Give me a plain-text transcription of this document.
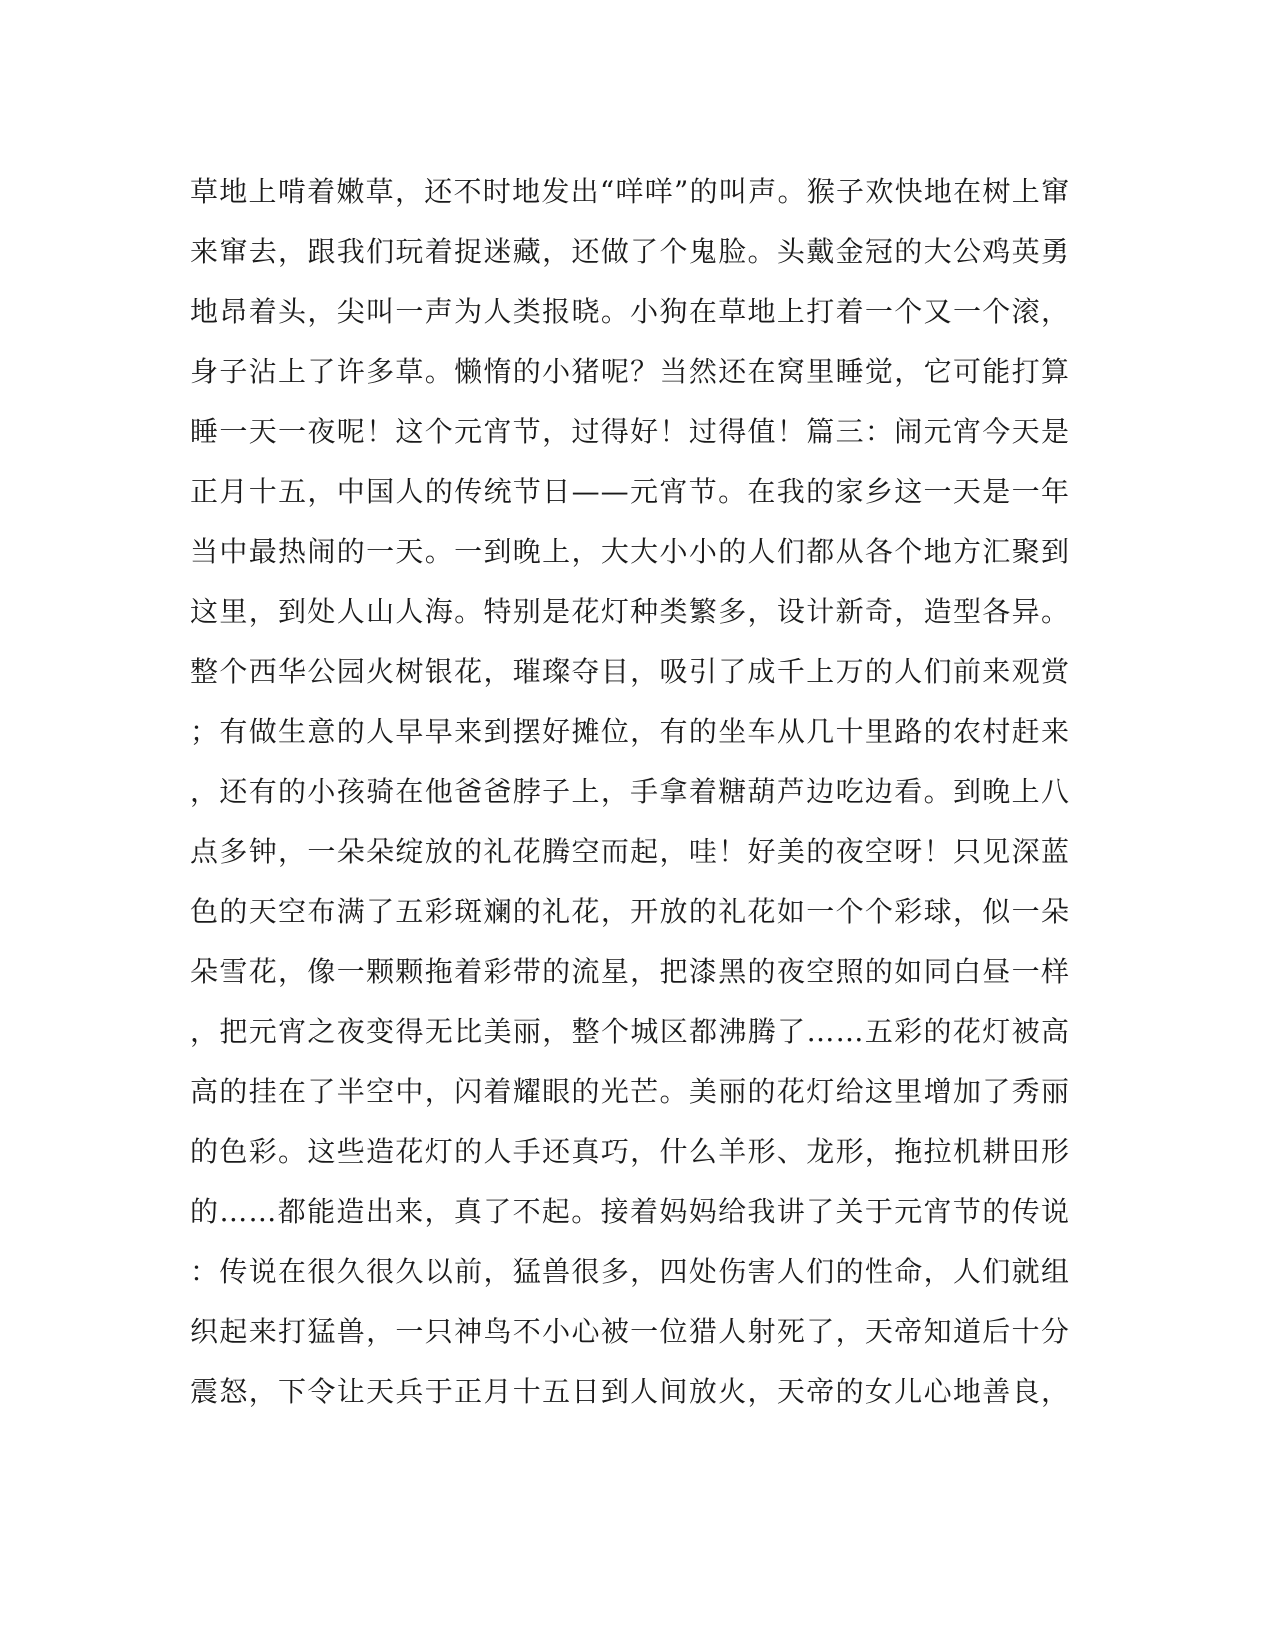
草地上啃着嫩草，还不时地发出“咩咩”的叫声。猴子欢快地在树上窜
来窜去，跟我们玩着捉迷藏，还做了个鬼脸。头戴金冠的大公鸡英勇
地昂着头，尖叫一声为人类报晓。小狗在草地上打着一个又一个滚，
身子沾上了许多草。懒惰的小猪呢？当然还在窝里睡觉，它可能打算
睡一天一夜呢！这个元宵节，过得好！过得值！篇三：闹元宵今天是
正月十五，中国人的传统节日——元宵节。在我的家乡这一天是一年
当中最热闹的一天。一到晚上，大大小小的人们都从各个地方汇聚到
这里，到处人山人海。特别是花灯种类繁多，设计新奇，造型各异。
整个西华公园火树银花，璀璨夺目，吸引了成千上万的人们前来观赏
；有做生意的人早早来到摆好摊位，有的坐车从几十里路的农村赶来
，还有的小孩骑在他爸爸脖子上，手拿着糖葫芦边吃边看。到晚上八
点多钟，一朵朵绽放的礼花腾空而起，哇！好美的夜空呀！只见深蓝
色的天空布满了五彩斑斓的礼花，开放的礼花如一个个彩球，似一朵
朵雪花，像一颗颗拖着彩带的流星，把漆黑的夜空照的如同白昼一样
，把元宵之夜变得无比美丽，整个城区都沸腾了……五彩的花灯被高
高的挂在了半空中，闪着耀眼的光芒。美丽的花灯给这里增加了秀丽
的色彩。这些造花灯的人手还真巧，什么羊形、龙形，拖拉机耕田形
的……都能造出来，真了不起。接着妈妈给我讲了关于元宵节的传说
：传说在很久很久以前，猛兽很多，四处伤害人们的性命，人们就组
织起来打猛兽，一只神鸟不小心被一位猎人射死了，天帝知道后十分
震怒，下令让天兵于正月十五日到人间放火，天帝的女儿心地善良，
